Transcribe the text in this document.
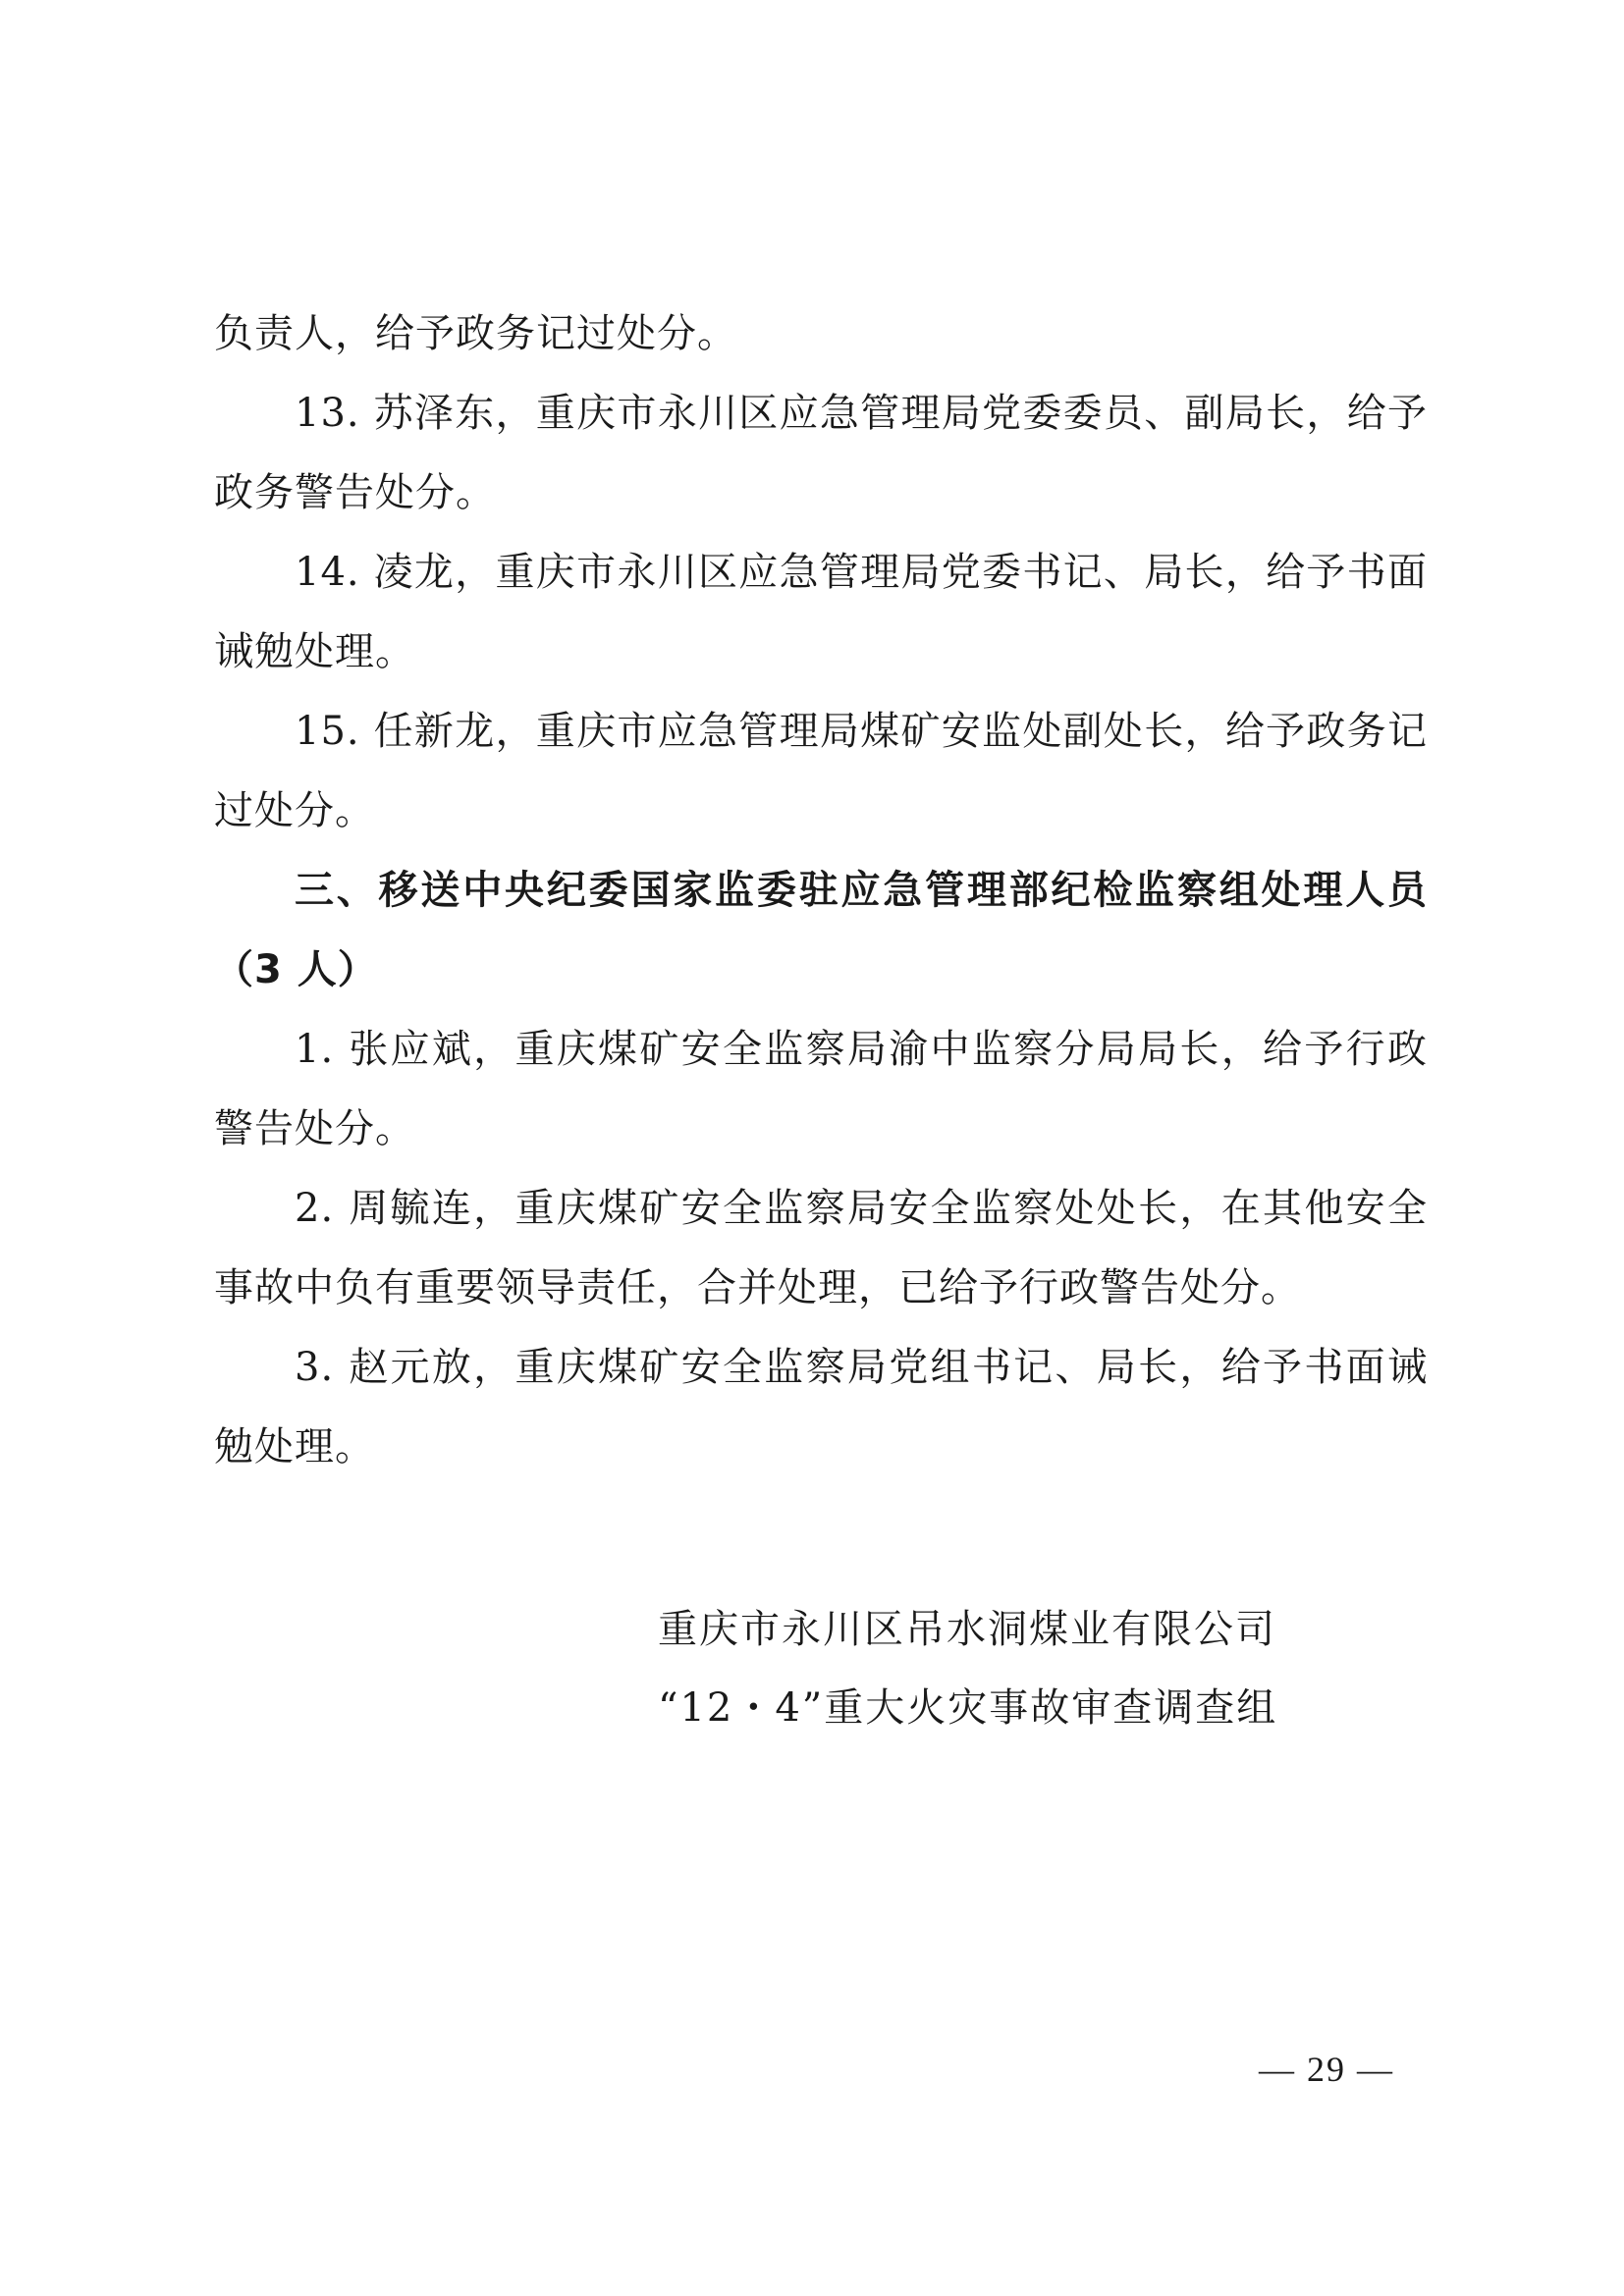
负责人，给予政务记过处分。

13. 苏泽东，重庆市永川区应急管理局党委委员、副局长，给予政务警告处分。

14. 凌龙，重庆市永川区应急管理局党委书记、局长，给予书面诫勉处理。

15. 任新龙，重庆市应急管理局煤矿安监处副处长，给予政务记过处分。

三、移送中央纪委国家监委驻应急管理部纪检监察组处理人员（3 人）

1. 张应斌，重庆煤矿安全监察局渝中监察分局局长，给予行政警告处分。

2. 周毓连，重庆煤矿安全监察局安全监察处处长，在其他安全事故中负有重要领导责任，合并处理，已给予行政警告处分。

3. 赵元放，重庆煤矿安全监察局党组书记、局长，给予书面诫勉处理。

重庆市永川区吊水洞煤业有限公司

“12・4”重大火灾事故审查调查组

— 29 —
